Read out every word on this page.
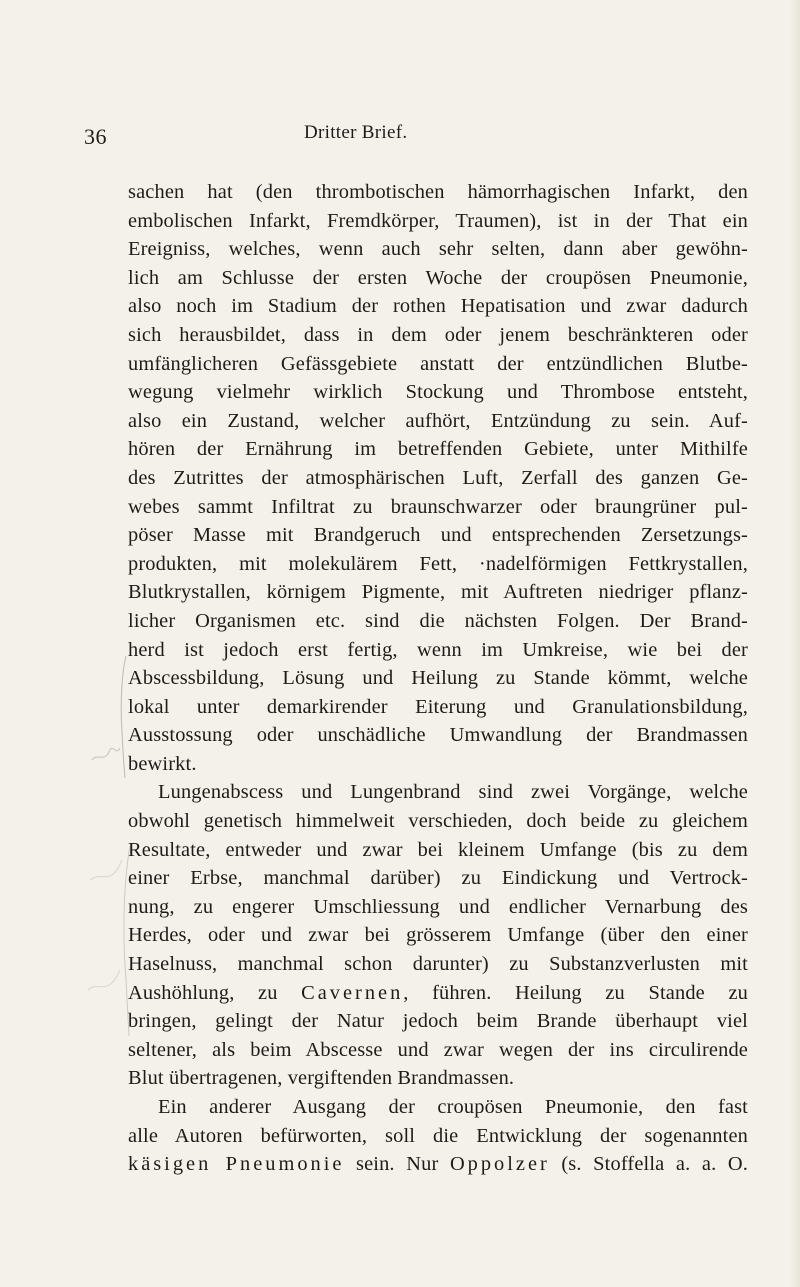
36	Dritter Brief.
sachen hat (den thrombotischen hämorrhagischen Infarkt, den
embolischen Infarkt, Fremdkörper, Traumen), ist in der That ein
Ereigniss, welches, wenn auch sehr selten, dann aber gewöhn-
lich am Schlusse der ersten Woche der croupösen Pneumonie,
also noch im Stadium der rothen Hepatisation und zwar dadurch
sich herausbildet, dass in dem oder jenem beschränkteren oder
umfänglicheren Gefässgebiete anstatt der entzündlichen Blutbe-
wegung vielmehr wirklich Stockung und Thrombose entsteht,
also ein Zustand, welcher aufhört, Entzündung zu sein. Auf-
hören der Ernährung im betreffenden Gebiete, unter Mithilfe
des Zutrittes der atmosphärischen Luft, Zerfall des ganzen Ge-
webes sammt Infiltrat zu braunschwarzer oder braungrüner pul-
pöser Masse mit Brandgeruch und entsprechenden Zersetzungs-
produkten, mit molekulärem Fett, ·nadelförmigen Fettkrystallen,
Blutkrystallen, körnigem Pigmente, mit Auftreten niedriger pflanz-
licher Organismen etc. sind die nächsten Folgen. Der Brand-
herd ist jedoch erst fertig, wenn im Umkreise, wie bei der
Abscessbildung, Lösung und Heilung zu Stande kömmt, welche
lokal unter demarkirender Eiterung und Granulationsbildung,
Ausstossung oder unschädliche Umwandlung der Brandmassen
bewirkt.
Lungenabscess und Lungenbrand sind zwei Vorgänge, welche
obwohl genetisch himmelweit verschieden, doch beide zu gleichem
Resultate, entweder und zwar bei kleinem Umfange (bis zu dem
einer Erbse, manchmal darüber) zu Eindickung und Vertrock-
nung, zu engerer Umschliessung und endlicher Vernarbung des
Herdes, oder und zwar bei grösserem Umfange (über den einer
Haselnuss, manchmal schon darunter) zu Substanzverlusten mit
Aushöhlung, zu Cavernen, führen. Heilung zu Stande zu
bringen, gelingt der Natur jedoch beim Brande überhaupt viel
seltener, als beim Abscesse und zwar wegen der ins circulirende
Blut übertragenen, vergiftenden Brandmassen.
Ein anderer Ausgang der croupösen Pneumonie, den fast
alle Autoren befürworten, soll die Entwicklung der sogenannten
käsigen Pneumonie sein. Nur Oppolzer (s. Stoffella a. a. O.
